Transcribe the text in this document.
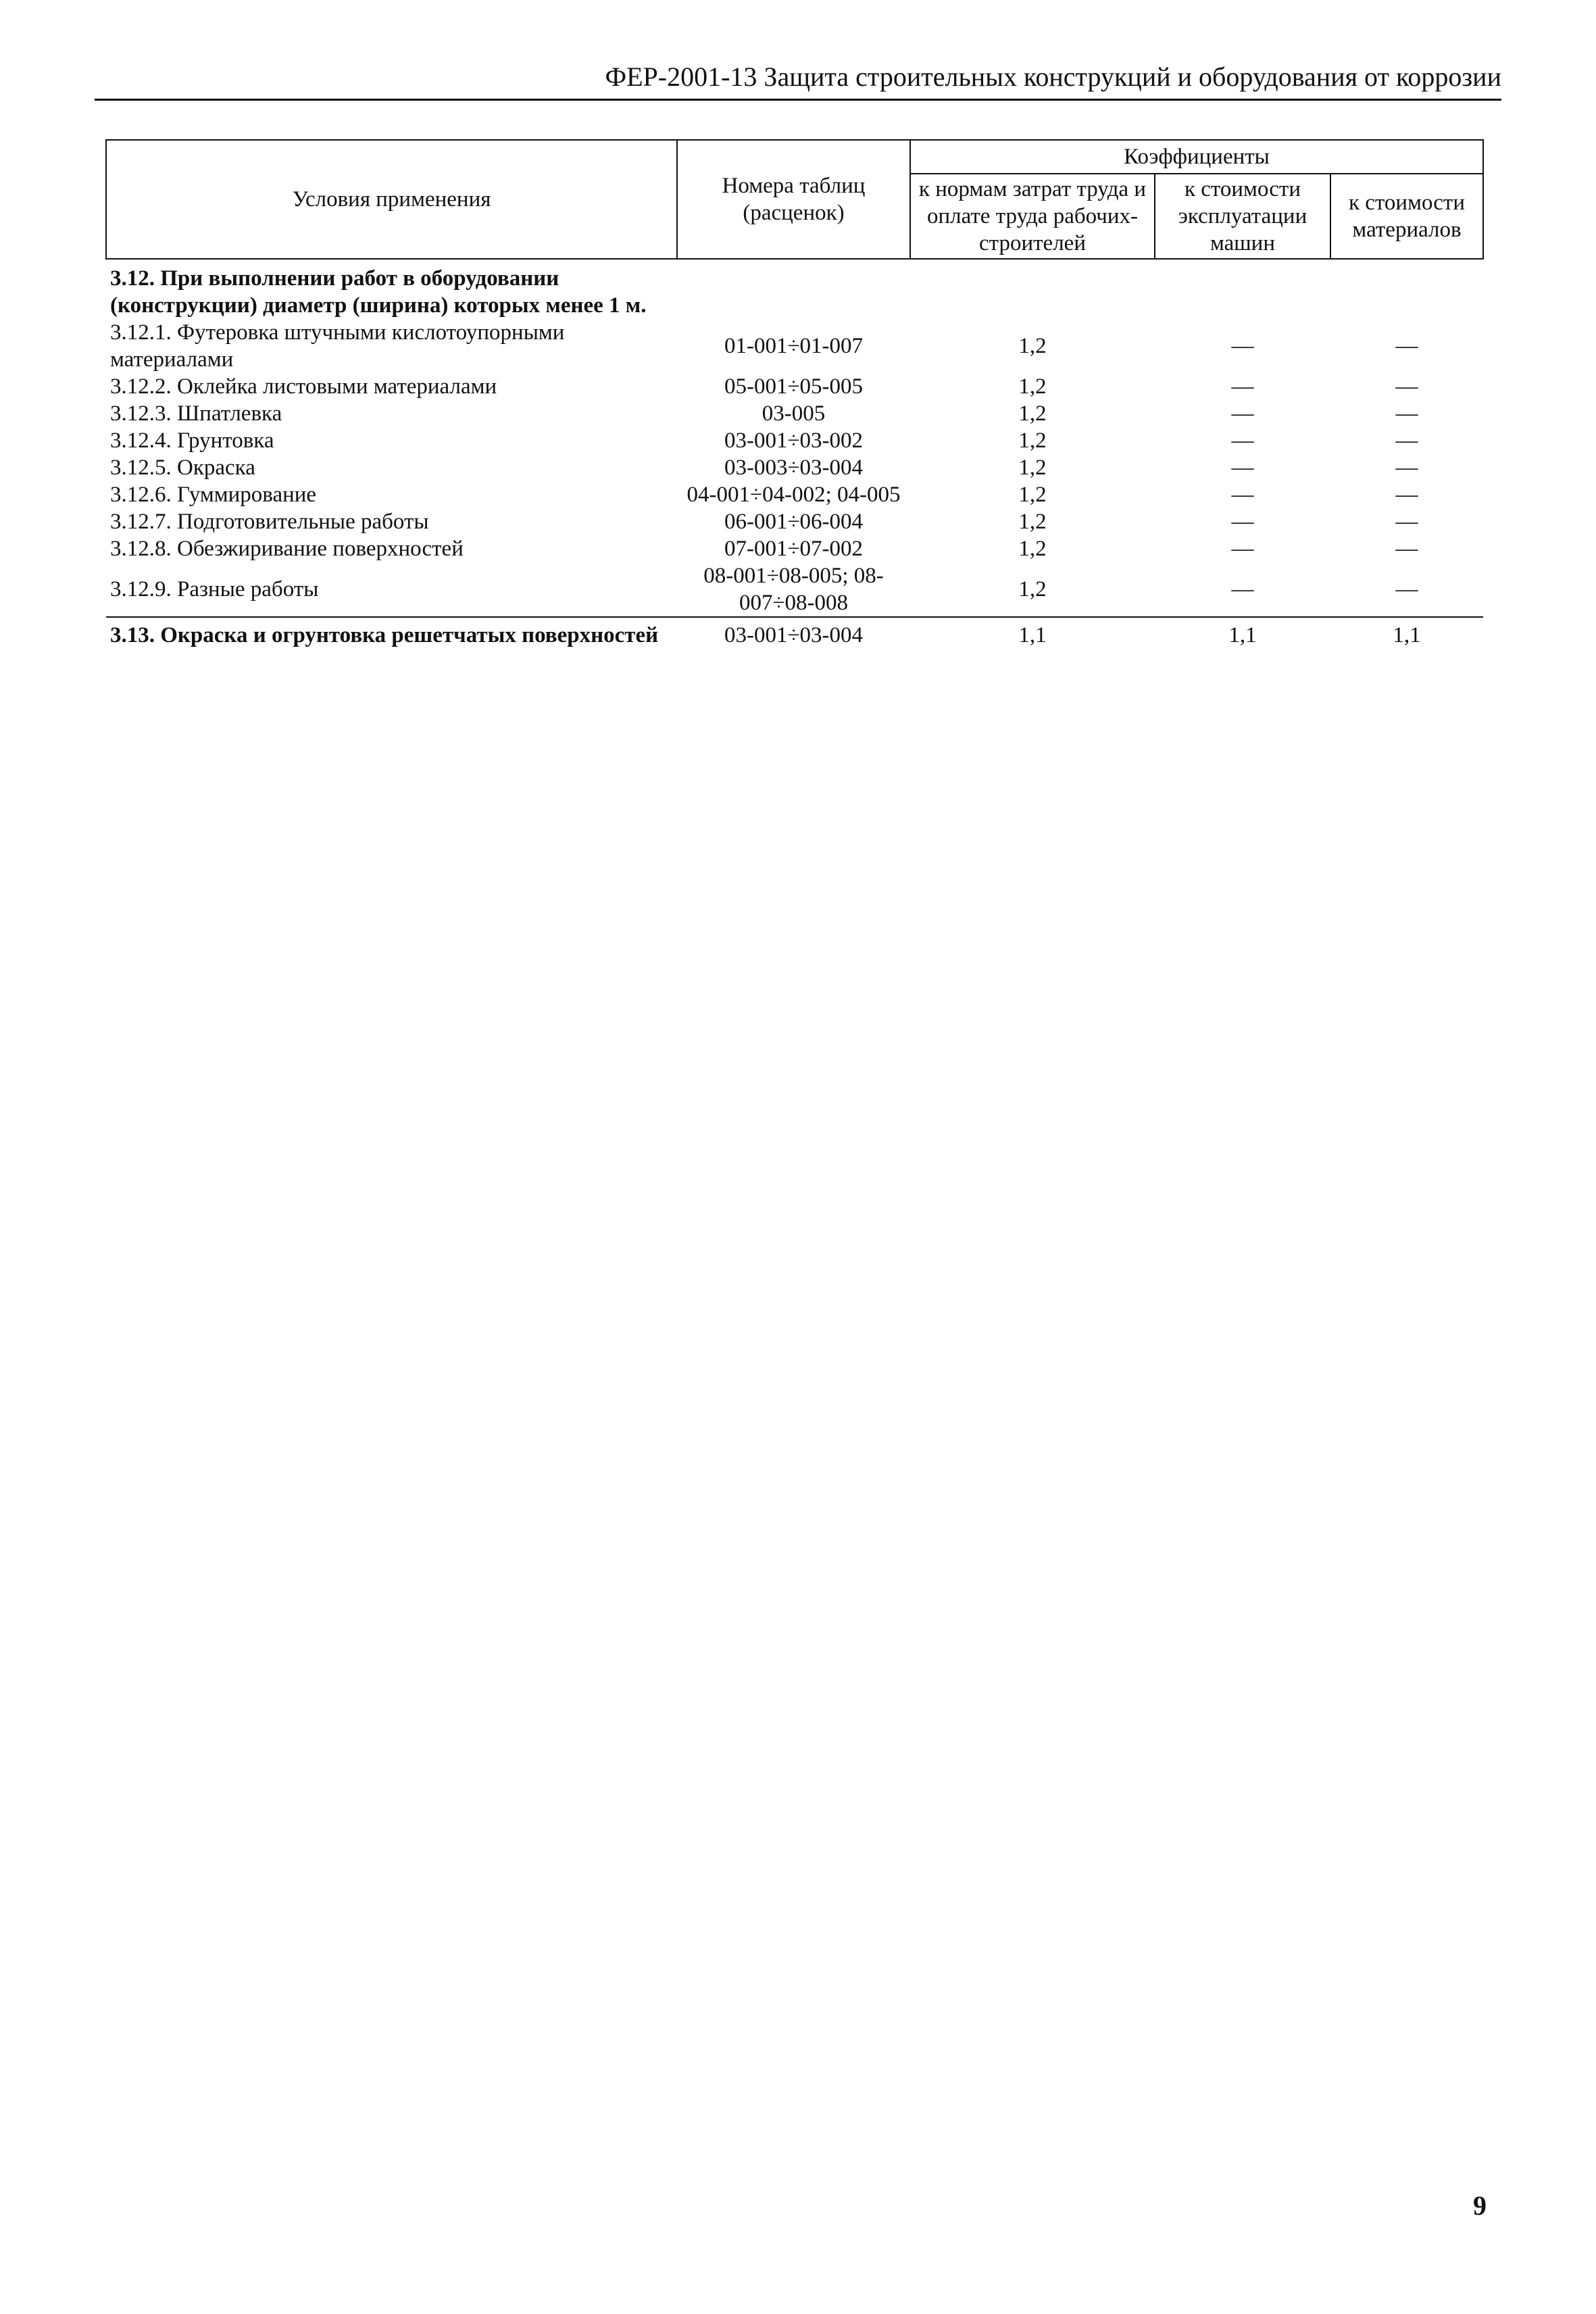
ФЕР-2001-13 Защита строительных конструкций и оборудования от коррозии
Условия применения	Номера таблиц (расценок)	Коэффициенты		
		к нормам затрат труда и оплате труда рабочих-строителей	к стоимости эксплуатации машин	к стоимости материалов
3.12. При выполнении работ в оборудовании (конструкции) диаметр (ширина) которых менее 1 м.				
3.12.1. Футеровка штучными кислотоупорными материалами	01-001÷01-007	1,2	—	—
3.12.2. Оклейка листовыми материалами	05-001÷05-005	1,2	—	—
3.12.3. Шпатлевка	03-005	1,2	—	—
3.12.4. Грунтовка	03-001÷03-002	1,2	—	—
3.12.5. Окраска	03-003÷03-004	1,2	—	—
3.12.6. Гуммирование	04-001÷04-002; 04-005	1,2	—	—
3.12.7. Подготовительные работы	06-001÷06-004	1,2	—	—
3.12.8. Обезжиривание поверхностей	07-001÷07-002	1,2	—	—
3.12.9. Разные работы	08-001÷08-005; 08-007÷08-008	1,2	—	—
3.13. Окраска и огрунтовка решетчатых поверхностей	03-001÷03-004	1,1	1,1	1,1
9
